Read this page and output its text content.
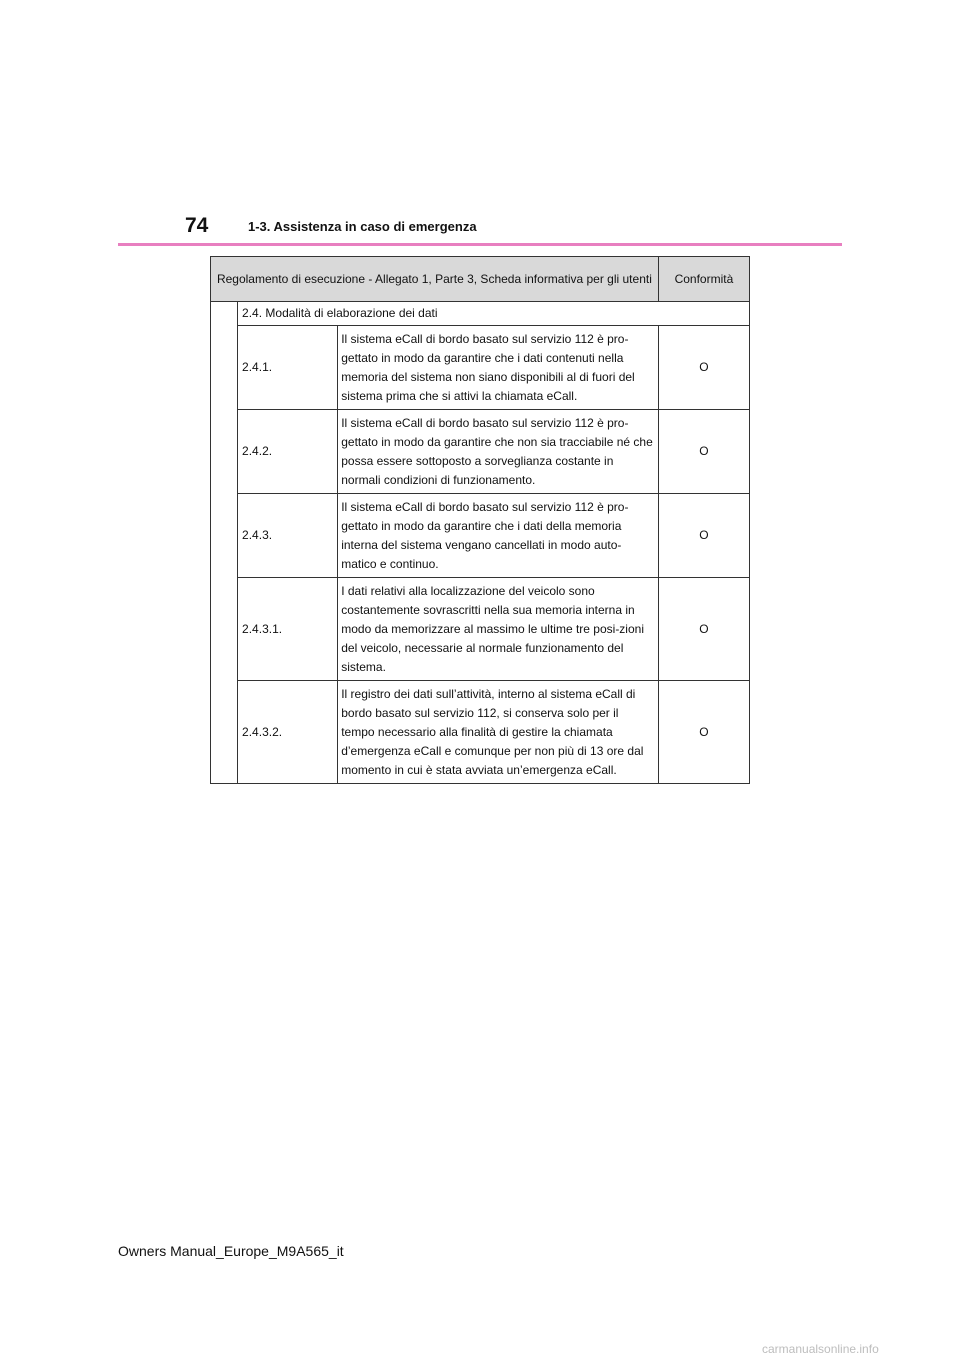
74	1-3. Assistenza in caso di emergenza
Regolamento di esecuzione - Allegato 1, Parte 3, Scheda informativa per gli utenti			Conformità
	2.4. Modalità di elaborazione dei dati		
	2.4.1.	Il sistema eCall di bordo basato sul servizio 112 è pro-gettato in modo da garantire che i dati contenuti nella memoria del sistema non siano disponibili al di fuori del sistema prima che si attivi la chiamata eCall.	O
	2.4.2.	Il sistema eCall di bordo basato sul servizio 112 è pro-gettato in modo da garantire che non sia tracciabile né che possa essere sottoposto a sorveglianza costante in normali condizioni di funzionamento.	O
	2.4.3.	Il sistema eCall di bordo basato sul servizio 112 è pro-gettato in modo da garantire che i dati della memoria interna del sistema vengano cancellati in modo auto-matico e continuo.	O
	2.4.3.1.	I dati relativi alla localizzazione del veicolo sono costantemente sovrascritti nella sua memoria interna in modo da memorizzare al massimo le ultime tre posi-zioni del veicolo, necessarie al normale funzionamento del sistema.	O
	2.4.3.2.	Il registro dei dati sull’attività, interno al sistema eCall di bordo basato sul servizio 112, si conserva solo per il tempo necessario alla finalità di gestire la chiamata d’emergenza eCall e comunque per non più di 13 ore dal momento in cui è stata avviata un’emergenza eCall.	O
Owners Manual_Europe_M9A565_it
carmanualsonline.info
